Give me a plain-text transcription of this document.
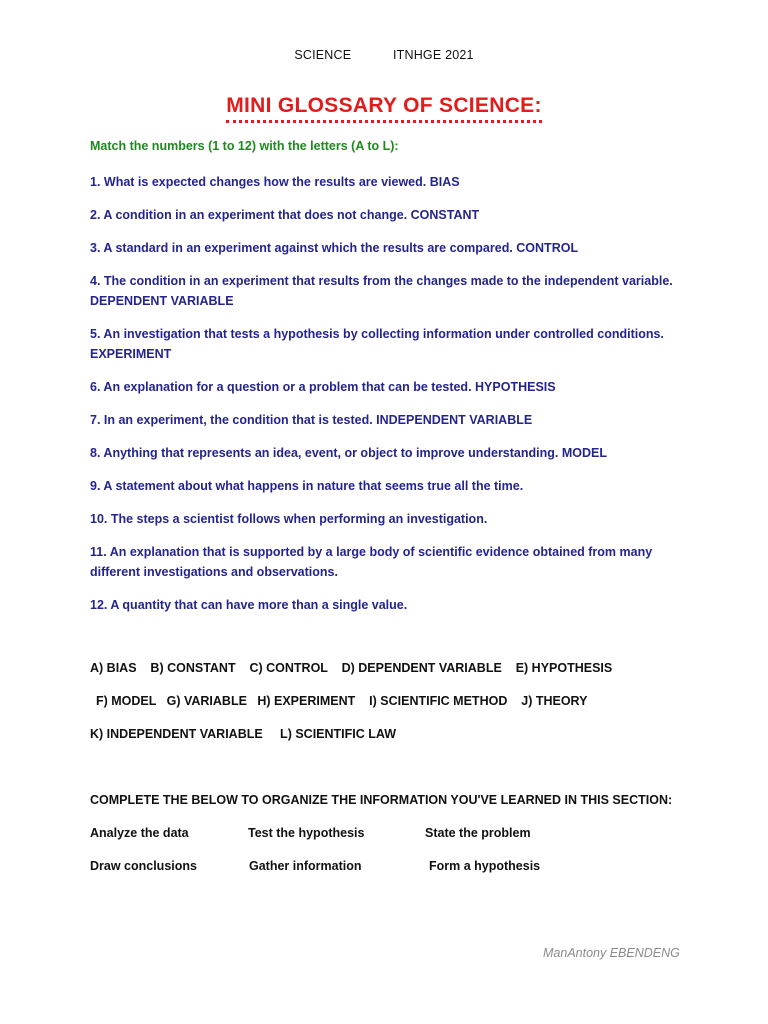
SCIENCE	ITNHGE 2021
MINI GLOSSARY OF SCIENCE:
Match the numbers (1 to 12) with the letters (A to L):
1. What is expected changes how the results are viewed. BIAS
2. A condition in an experiment that does not change. CONSTANT
3. A standard in an experiment against which the results are compared. CONTROL
4. The condition in an experiment that results from the changes made to the independent variable. DEPENDENT VARIABLE
5. An investigation that tests a hypothesis by collecting information under controlled conditions. EXPERIMENT
6. An explanation for a question or a problem that can be tested. HYPOTHESIS
7. In an experiment, the condition that is tested. INDEPENDENT VARIABLE
8. Anything that represents an idea, event, or object to improve understanding. MODEL
9. A statement about what happens in nature that seems true all the time.
10. The steps a scientist follows when performing an investigation.
11. An explanation that is supported by a large body of scientific evidence obtained from many different investigations and observations.
12. A quantity that can have more than a single value.
A) BIAS    B) CONSTANT    C) CONTROL    D) DEPENDENT VARIABLE    E) HYPOTHESIS
F) MODEL   G) VARIABLE   H) EXPERIMENT    I) SCIENTIFIC METHOD    J) THEORY
K) INDEPENDENT VARIABLE     L) SCIENTIFIC LAW
COMPLETE THE BELOW TO ORGANIZE THE INFORMATION YOU'VE LEARNED IN THIS SECTION:
Analyze the data	Test the hypothesis	State the problem
Draw conclusions	Gather information	Form a hypothesis
ManAntony EBENDENG
